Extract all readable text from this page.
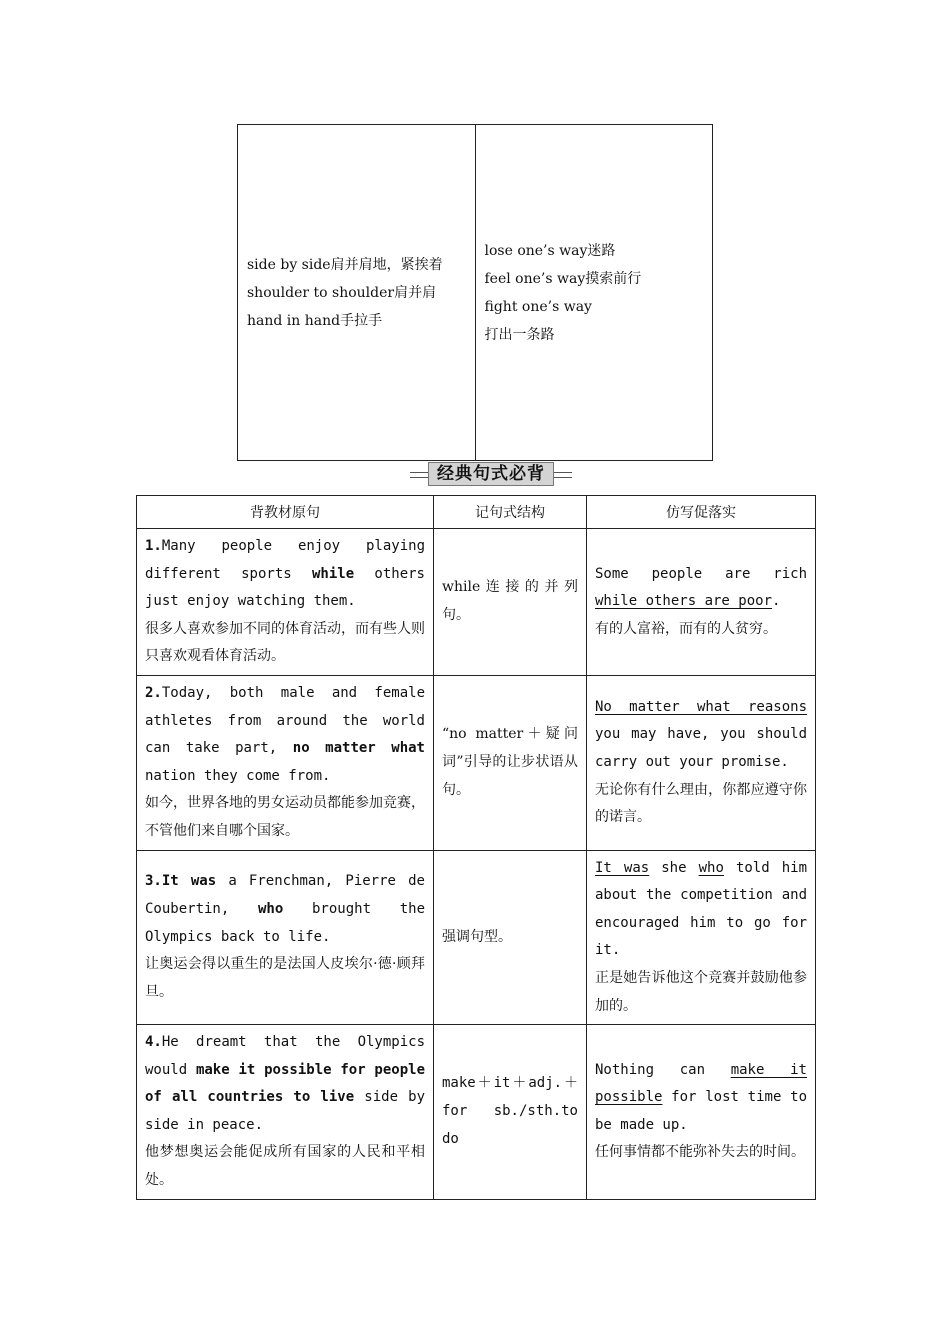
side by side肩并肩地，紧挨着
shoulder to shoulder肩并肩
hand in hand手拉手

lose one’s way迷路
feel one’s way摸索前行
fight one’s way
打出一条路
经典句式必背
背教材原句	记句式结构	仿写促落实

1.Many people enjoy playing different sports while others just enjoy watching them.
很多人喜欢参加不同的体育活动，而有些人则只喜欢观看体育活动。	while连接的并列句。	Some people are rich while others are poor.
有的人富裕，而有的人贫穷。

2.Today, both male and female athletes from around the world can take part, no matter what nation they come from.
如今，世界各地的男女运动员都能参加竞赛，不管他们来自哪个国家。	“no matter＋疑问词”引导的让步状语从句。	No matter what reasons you may have, you should carry out your promise.
无论你有什么理由，你都应遵守你的诺言。

3.It was a Frenchman, Pierre de Coubertin, who brought the Olympics back to life.
让奥运会得以重生的是法国人皮埃尔·德·顾拜旦。	强调句型。	It was she who told him about the competition and encouraged him to go for it.
正是她告诉他这个竞赛并鼓励他参加的。

4.He dreamt that the Olympics would make it possible for people of all countries to live side by side in peace.
他梦想奥运会能促成所有国家的人民和平相处。	make＋it＋adj.＋for sb./sth.to do	Nothing can make it possible for lost time to be made up.
任何事情都不能弥补失去的时间。
